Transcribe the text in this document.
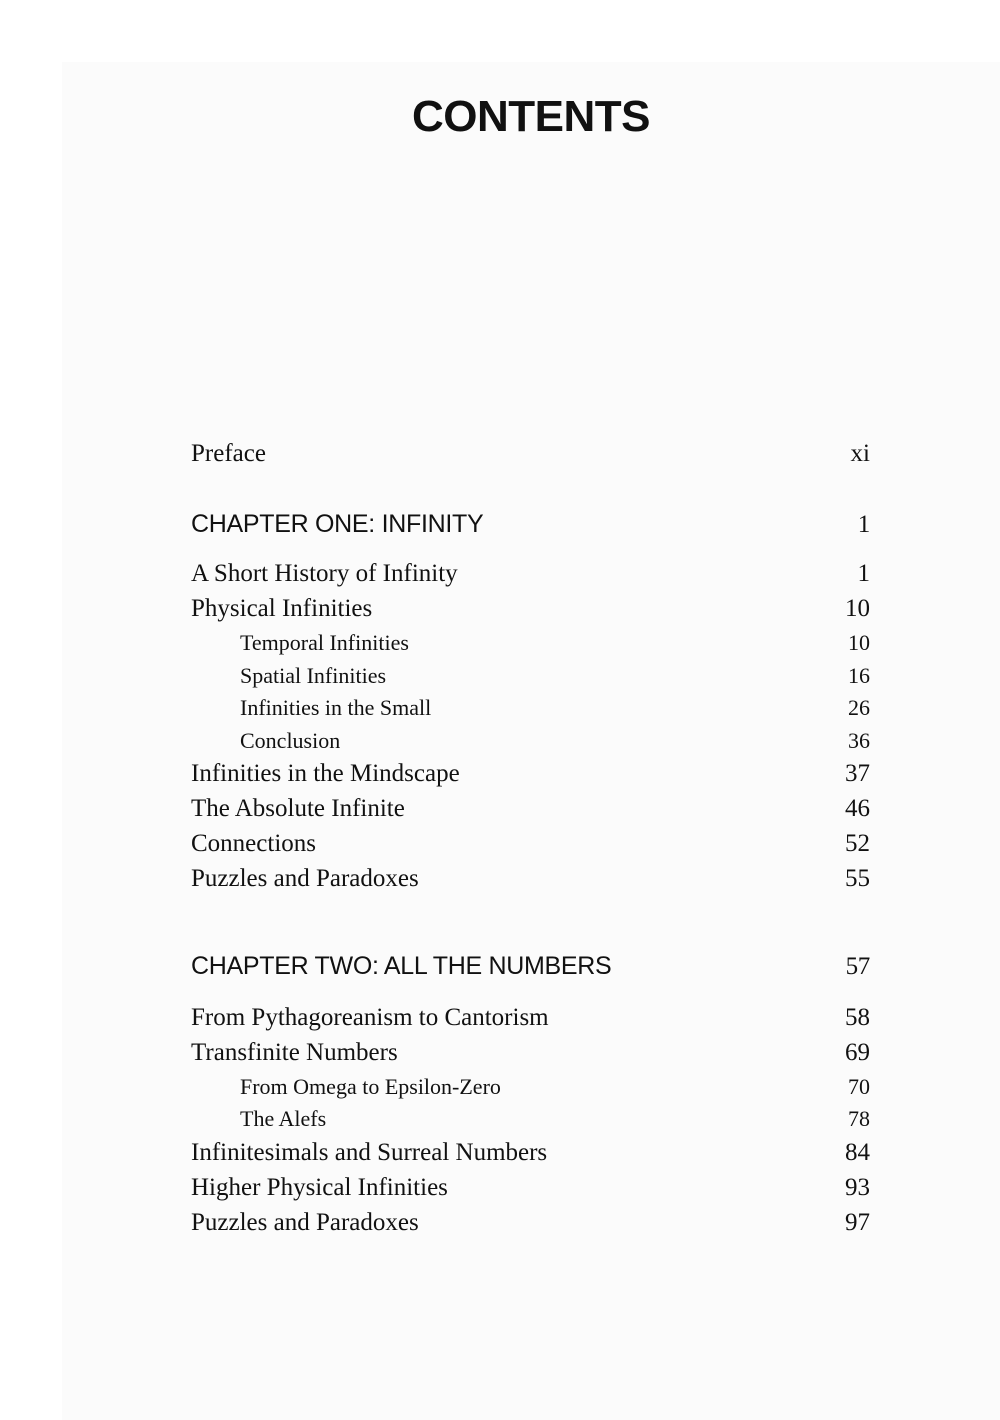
CONTENTS
Preface	xi
CHAPTER ONE: INFINITY	1
A Short History of Infinity	1
Physical Infinities	10
Temporal Infinities	10
Spatial Infinities	16
Infinities in the Small	26
Conclusion	36
Infinities in the Mindscape	37
The Absolute Infinite	46
Connections	52
Puzzles and Paradoxes	55
CHAPTER TWO: ALL THE NUMBERS	57
From Pythagoreanism to Cantorism	58
Transfinite Numbers	69
From Omega to Epsilon-Zero	70
The Alefs	78
Infinitesimals and Surreal Numbers	84
Higher Physical Infinities	93
Puzzles and Paradoxes	97
